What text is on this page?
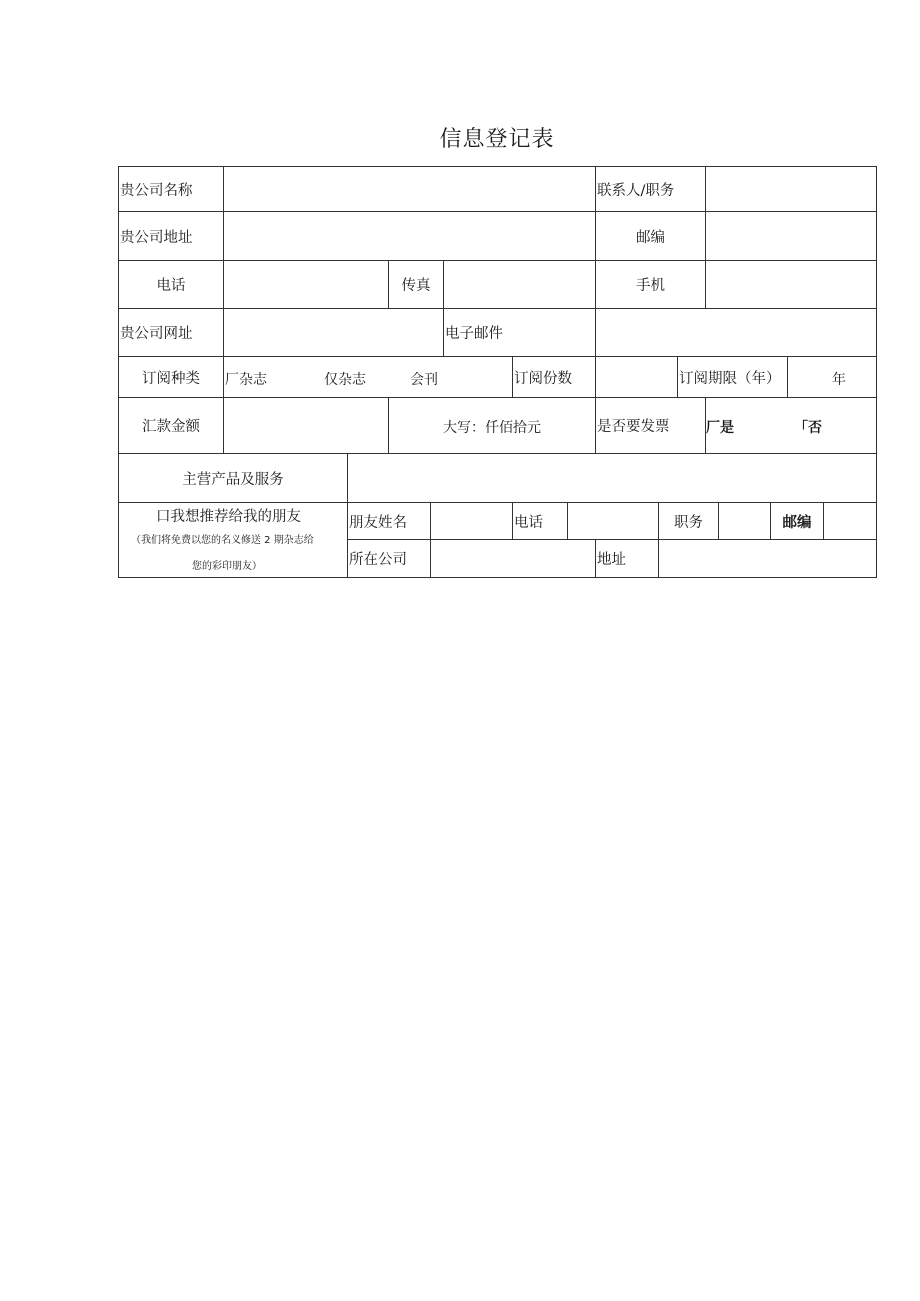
信息登记表
贵公司名称	联系人/职务
贵公司地址	邮编
电话	传真	手机
贵公司网址	电子邮件
订阅种类	厂杂志	仅杂志	会刊	订阅份数	订阅期限（年）	年
汇款金额	大写：仟佰拾元	是否要发票	厂是	「否
主营产品及服务
口我想推荐给我的朋友
（我们将免费以您的名义修送 2 期杂志给
您的彩印朋友）
朋友姓名	电话	职务	邮编
所在公司	地址
